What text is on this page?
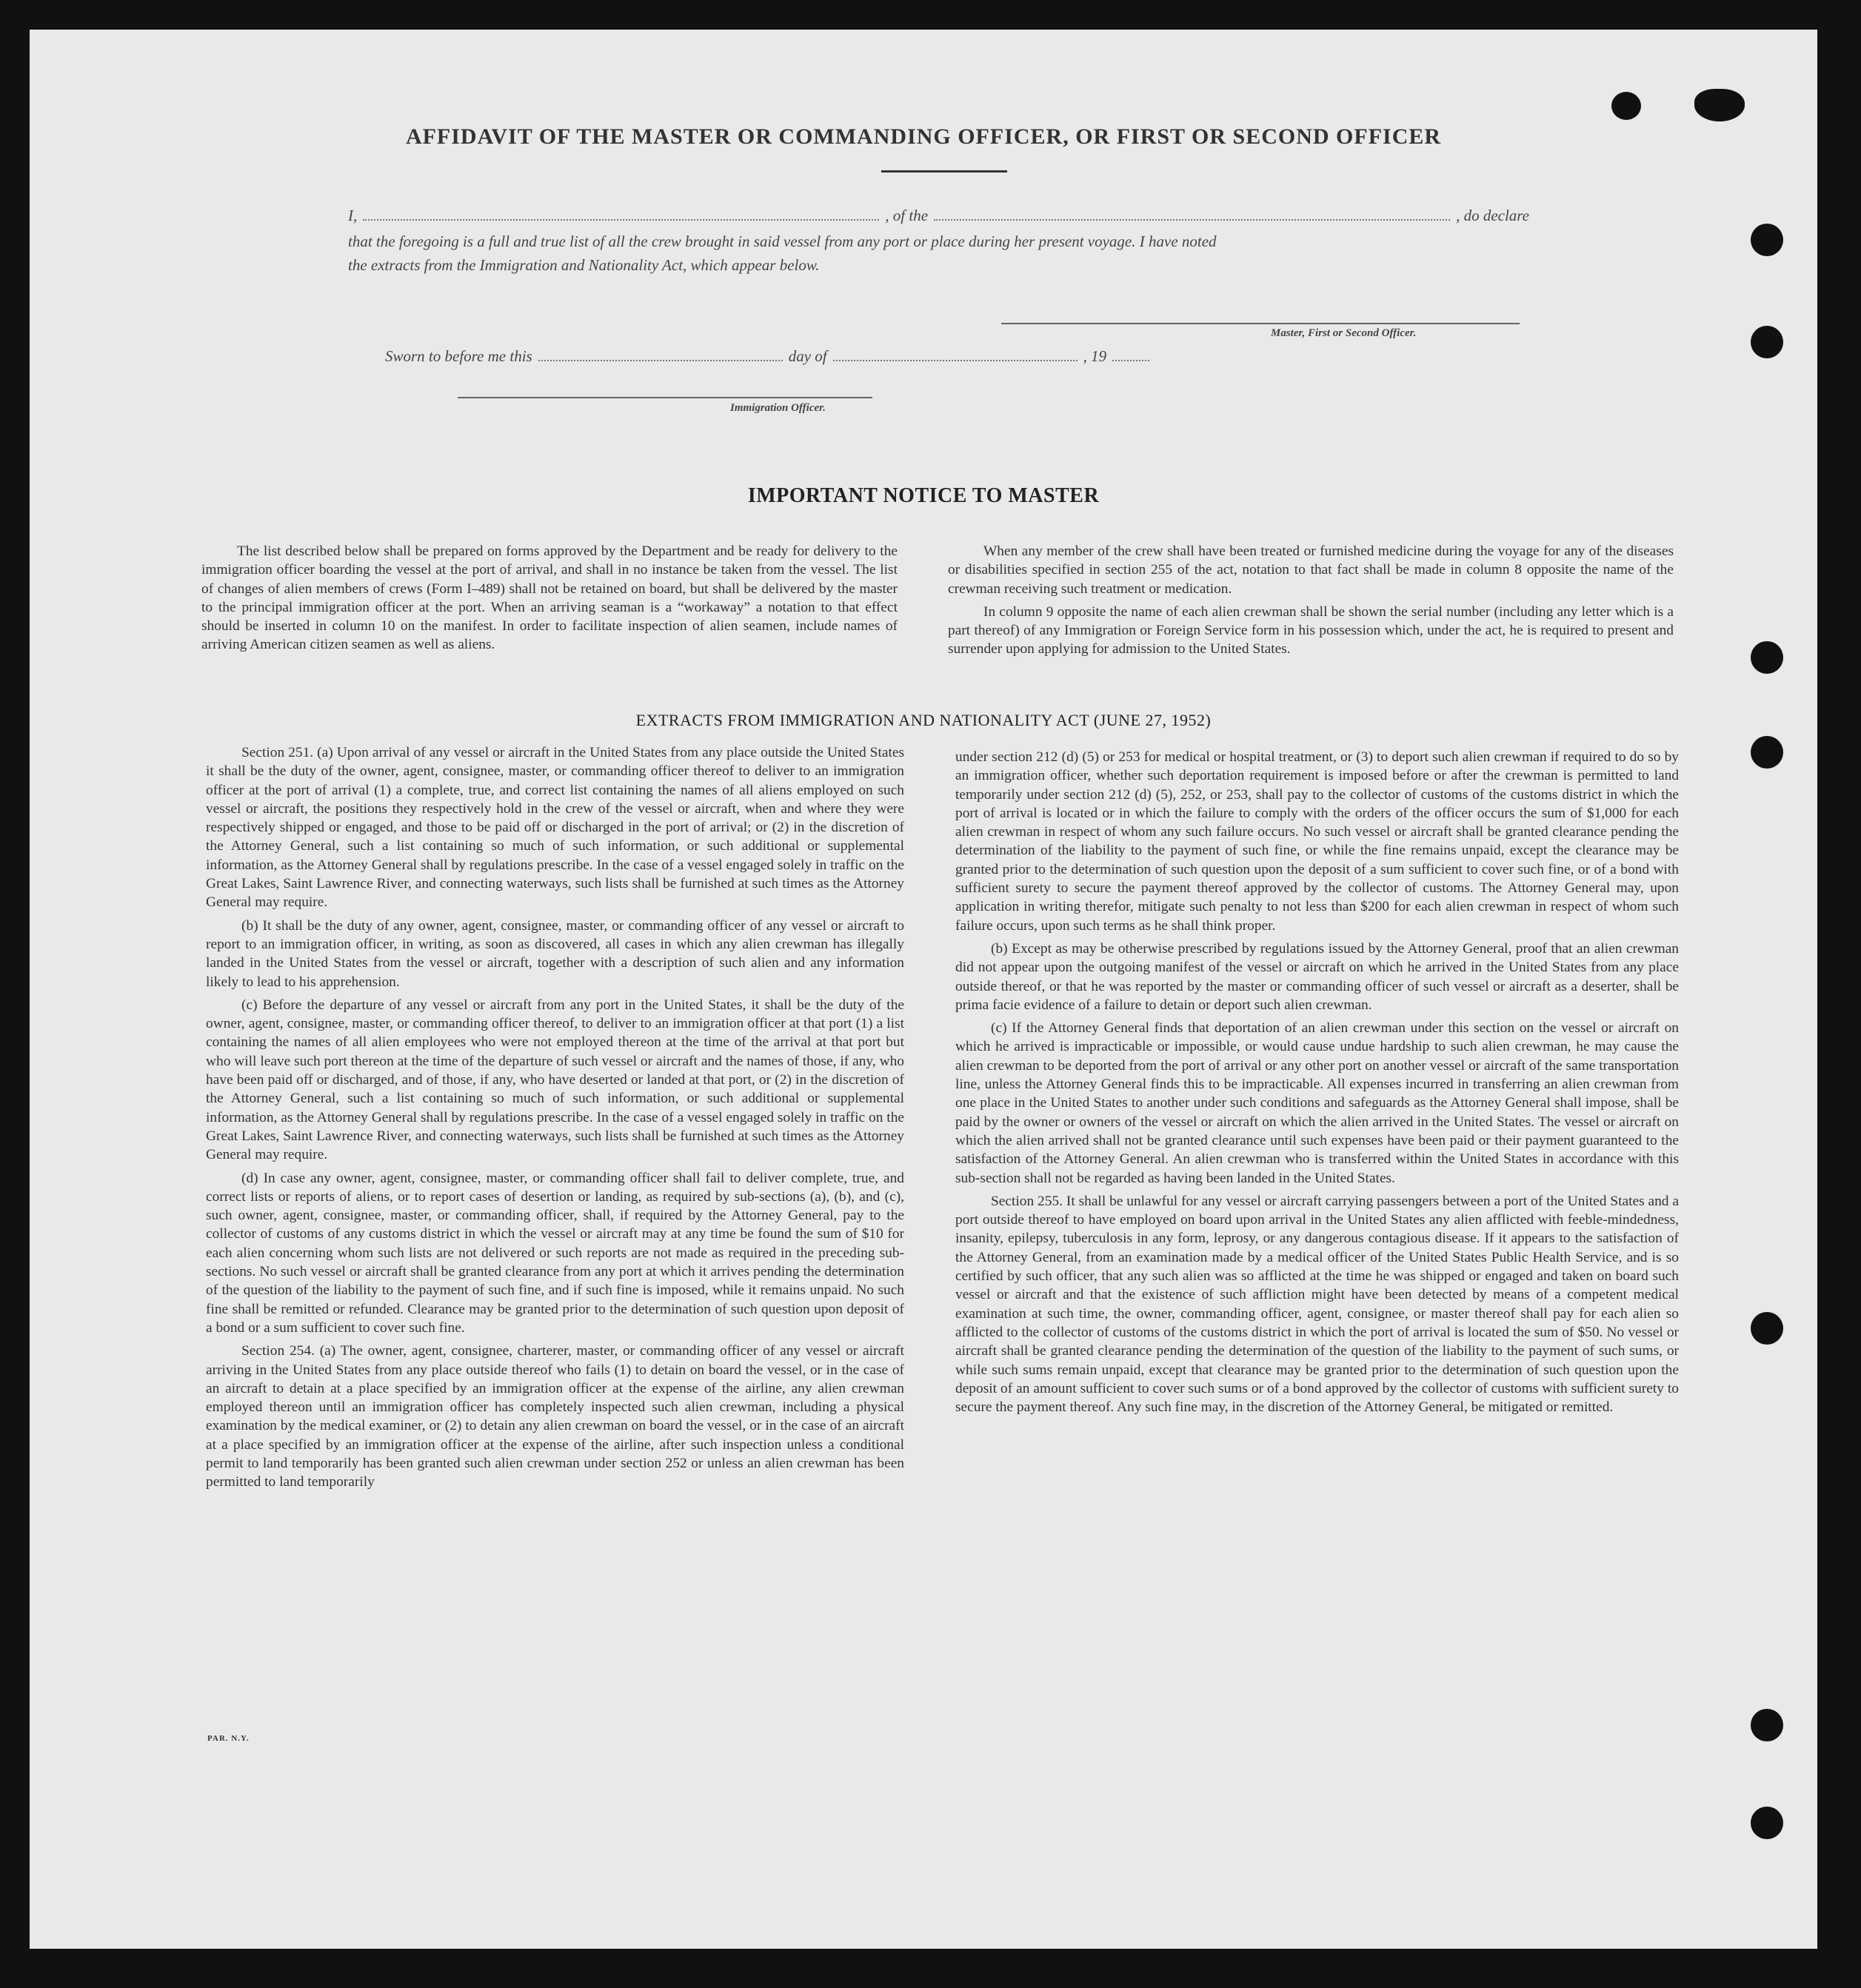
AFFIDAVIT OF THE MASTER OR COMMANDING OFFICER, OR FIRST OR SECOND OFFICER
I,	, of the	, do declare
that the foregoing is a full and true list of all the crew brought in said vessel from any port or place during her present voyage. I have noted
the extracts from the Immigration and Nationality Act, which appear below.
Master, First or Second Officer.
Sworn to before me this	day of	, 19
Immigration Officer.
IMPORTANT NOTICE TO MASTER

The list described below shall be prepared on forms approved by the Department and be ready for delivery to the immigration officer boarding the vessel at the port of arrival, and shall in no instance be taken from the vessel. The list of changes of alien members of crews (Form I–489) shall not be retained on board, but shall be delivered by the master to the principal immigration officer at the port. When an arriving seaman is a “workaway” a notation to that effect should be inserted in column 10 on the manifest. In order to facilitate inspection of alien seamen, include names of arriving American citizen seamen as well as aliens.

When any member of the crew shall have been treated or furnished medicine during the voyage for any of the diseases or disabilities specified in section 255 of the act, notation to that fact shall be made in column 8 opposite the name of the crewman receiving such treatment or medication.

In column 9 opposite the name of each alien crewman shall be shown the serial number (including any letter which is a part thereof) of any Immigration or Foreign Service form in his possession which, under the act, he is required to present and surrender upon applying for admission to the United States.

EXTRACTS FROM IMMIGRATION AND NATIONALITY ACT (JUNE 27, 1952)

Section 251. (a) Upon arrival of any vessel or aircraft in the United States from any place outside the United States it shall be the duty of the owner, agent, consignee, master, or commanding officer thereof to deliver to an immigration officer at the port of arrival (1) a complete, true, and correct list containing the names of all aliens employed on such vessel or aircraft, the positions they respectively hold in the crew of the vessel or aircraft, when and where they were respectively shipped or engaged, and those to be paid off or discharged in the port of arrival; or (2) in the discretion of the Attorney General, such a list containing so much of such information, or such additional or supplemental information, as the Attorney General shall by regulations prescribe. In the case of a vessel engaged solely in traffic on the Great Lakes, Saint Lawrence River, and connecting waterways, such lists shall be furnished at such times as the Attorney General may require.

(b) It shall be the duty of any owner, agent, consignee, master, or commanding officer of any vessel or aircraft to report to an immigration officer, in writing, as soon as discovered, all cases in which any alien crewman has illegally landed in the United States from the vessel or aircraft, together with a description of such alien and any information likely to lead to his apprehension.

(c) Before the departure of any vessel or aircraft from any port in the United States, it shall be the duty of the owner, agent, consignee, master, or commanding officer thereof, to deliver to an immigration officer at that port (1) a list containing the names of all alien employees who were not employed thereon at the time of the arrival at that port but who will leave such port thereon at the time of the departure of such vessel or aircraft and the names of those, if any, who have been paid off or discharged, and of those, if any, who have deserted or landed at that port, or (2) in the discretion of the Attorney General, such a list containing so much of such information, or such additional or supplemental information, as the Attorney General shall by regulations prescribe. In the case of a vessel engaged solely in traffic on the Great Lakes, Saint Lawrence River, and connecting waterways, such lists shall be furnished at such times as the Attorney General may require.

(d) In case any owner, agent, consignee, master, or commanding officer shall fail to deliver complete, true, and correct lists or reports of aliens, or to report cases of desertion or landing, as required by sub-sections (a), (b), and (c), such owner, agent, consignee, master, or commanding officer, shall, if required by the Attorney General, pay to the collector of customs of any customs district in which the vessel or aircraft may at any time be found the sum of $10 for each alien concerning whom such lists are not delivered or such reports are not made as required in the preceding sub-sections. No such vessel or aircraft shall be granted clearance from any port at which it arrives pending the determination of the question of the liability to the payment of such fine, and if such fine is imposed, while it remains unpaid. No such fine shall be remitted or refunded. Clearance may be granted prior to the determination of such question upon deposit of a bond or a sum sufficient to cover such fine.

Section 254. (a) The owner, agent, consignee, charterer, master, or commanding officer of any vessel or aircraft arriving in the United States from any place outside thereof who fails (1) to detain on board the vessel, or in the case of an aircraft to detain at a place specified by an immigration officer at the expense of the airline, any alien crewman employed thereon until an immigration officer has completely inspected such alien crewman, including a physical examination by the medical examiner, or (2) to detain any alien crewman on board the vessel, or in the case of an aircraft at a place specified by an immigration officer at the expense of the airline, after such inspection unless a conditional permit to land temporarily has been granted such alien crewman under section 252 or unless an alien crewman has been permitted to land temporarily

under section 212 (d) (5) or 253 for medical or hospital treatment, or (3) to deport such alien crewman if required to do so by an immigration officer, whether such deportation requirement is imposed before or after the crewman is permitted to land temporarily under section 212 (d) (5), 252, or 253, shall pay to the collector of customs of the customs district in which the port of arrival is located or in which the failure to comply with the orders of the officer occurs the sum of $1,000 for each alien crewman in respect of whom any such failure occurs. No such vessel or aircraft shall be granted clearance pending the determination of the liability to the payment of such fine, or while the fine remains unpaid, except the clearance may be granted prior to the determination of such question upon the deposit of a sum sufficient to cover such fine, or of a bond with sufficient surety to secure the payment thereof approved by the collector of customs. The Attorney General may, upon application in writing therefor, mitigate such penalty to not less than $200 for each alien crewman in respect of whom such failure occurs, upon such terms as he shall think proper.

(b) Except as may be otherwise prescribed by regulations issued by the Attorney General, proof that an alien crewman did not appear upon the outgoing manifest of the vessel or aircraft on which he arrived in the United States from any place outside thereof, or that he was reported by the master or commanding officer of such vessel or aircraft as a deserter, shall be prima facie evidence of a failure to detain or deport such alien crewman.

(c) If the Attorney General finds that deportation of an alien crewman under this section on the vessel or aircraft on which he arrived is impracticable or impossible, or would cause undue hardship to such alien crewman, he may cause the alien crewman to be deported from the port of arrival or any other port on another vessel or aircraft of the same transportation line, unless the Attorney General finds this to be impracticable. All expenses incurred in transferring an alien crewman from one place in the United States to another under such conditions and safeguards as the Attorney General shall impose, shall be paid by the owner or owners of the vessel or aircraft on which the alien arrived in the United States. The vessel or aircraft on which the alien arrived shall not be granted clearance until such expenses have been paid or their payment guaranteed to the satisfaction of the Attorney General. An alien crewman who is transferred within the United States in accordance with this sub-section shall not be regarded as having been landed in the United States.

Section 255. It shall be unlawful for any vessel or aircraft carrying passengers between a port of the United States and a port outside thereof to have employed on board upon arrival in the United States any alien afflicted with feeble-mindedness, insanity, epilepsy, tuberculosis in any form, leprosy, or any dangerous contagious disease. If it appears to the satisfaction of the Attorney General, from an examination made by a medical officer of the United States Public Health Service, and is so certified by such officer, that any such alien was so afflicted at the time he was shipped or engaged and taken on board such vessel or aircraft and that the existence of such affliction might have been detected by means of a competent medical examination at such time, the owner, commanding officer, agent, consignee, or master thereof shall pay for each alien so afflicted to the collector of customs of the customs district in which the port of arrival is located the sum of $50. No vessel or aircraft shall be granted clearance pending the determination of the question of the liability to the payment of such sums, or while such sums remain unpaid, except that clearance may be granted prior to the determination of such question upon the deposit of an amount sufficient to cover such sums or of a bond approved by the collector of customs with sufficient surety to secure the payment thereof. Any such fine may, in the discretion of the Attorney General, be mitigated or remitted.

PAR. N.Y.
